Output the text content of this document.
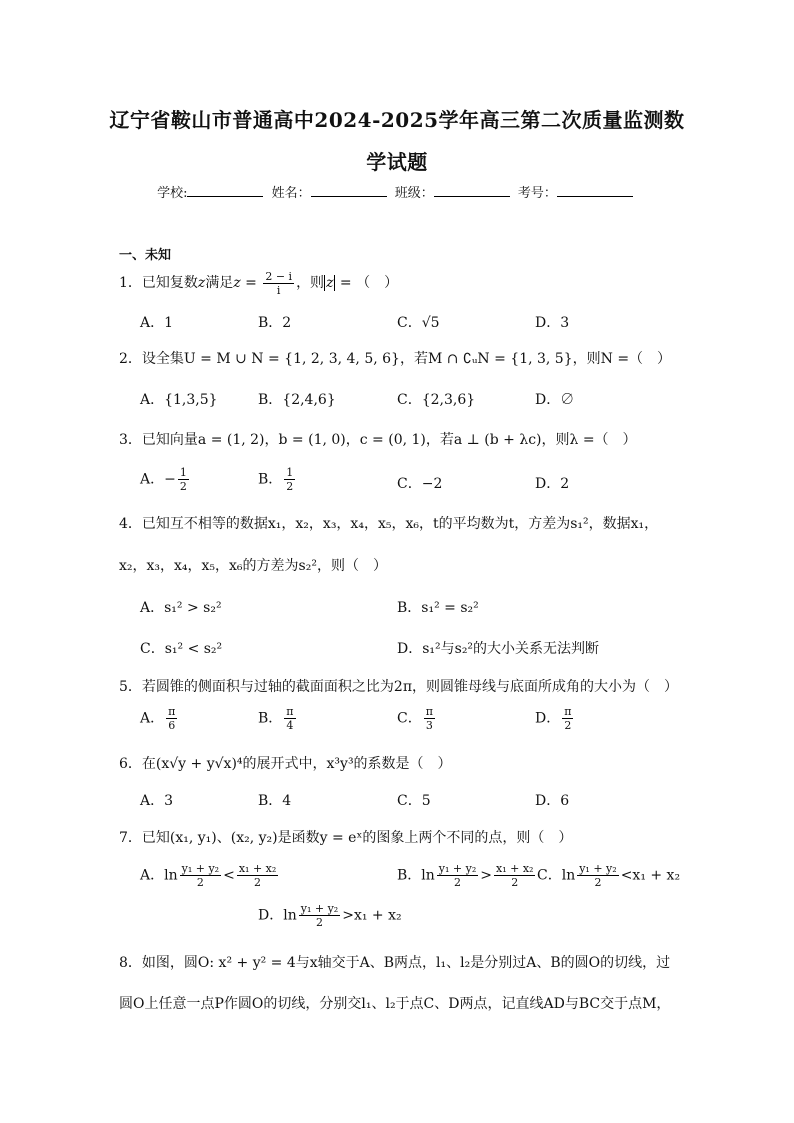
辽宁省鞍山市普通高中2024-2025学年高三第二次质量监测数
学试题
学校:	姓名：	班级：	考号：
一、未知
1．已知复数z满足$z = \frac{2 - i}{i}$ ，则 z = （　）
A．1	B．2	C．√5	D．3
2．设全集U = M ∪ N = {1, 2, 3, 4, 5, 6}，若M ∩ ∁ᵤN = {1, 3, 5}，则N =（　）
A．{1,3,5}	B．{2,4,6}	C．{2,3,6}	D．∅
3．已知向量a = (1, 2)，b = (1, 0)，c = (0, 1)，若a ⊥ (b + λc)，则λ =（　）
A．− $\frac{1}{2}$	B． $\frac{1}{2}$	C．−2	D．2
4．已知互不相等的数据x₁，x₂，x₃，x₄，x₅，x₆，t的平均数为t，方差为s₁²，数据x₁，
x₂，x₃，x₄，x₅，x₆的方差为s₂²，则（　）
A．s₁² > s₂²	B．s₁² = s₂²
C．s₁² < s₂²	D．s₁²与s₂²的大小关系无法判断
5．若圆锥的侧面积与过轴的截面面积之比为2π，则圆锥母线与底面所成角的大小为（　）
A． $\frac{\pi}{6}$	B． $\frac{\pi}{4}$	C． $\frac{\pi}{3}$	D． $\frac{\pi}{2}$
6．在(x√y + y√x)⁴的展开式中，x³y³的系数是（　）
A．3	B．4	C．5	D．6
7．已知(x₁, y₁)、(x₂, y₂)是函数y = eˣ的图象上两个不同的点，则（　）
A．$\ln \frac{\text{y₁ + y₂}}{2} < \frac{\text{x₁ + x₂}}{2}$	B．$\ln \frac{\text{y₁ + y₂}}{2} > \frac{\text{x₁ + x₂}}{2}$ C．$\ln \frac{\text{y₁ + y₂}}{2} <x_1 + x_2$
D．$\ln \frac{\text{y₁ + y₂}}{2} >x_1 + x_2$
8．如图，圆O: x² + y² = 4与x轴交于A、B两点，l₁、l₂是分别过A、B的圆O的切线，过
圆O上任意一点P作圆O的切线，分别交l₁、l₂于点C、D两点，记直线AD与BC交于点M，
